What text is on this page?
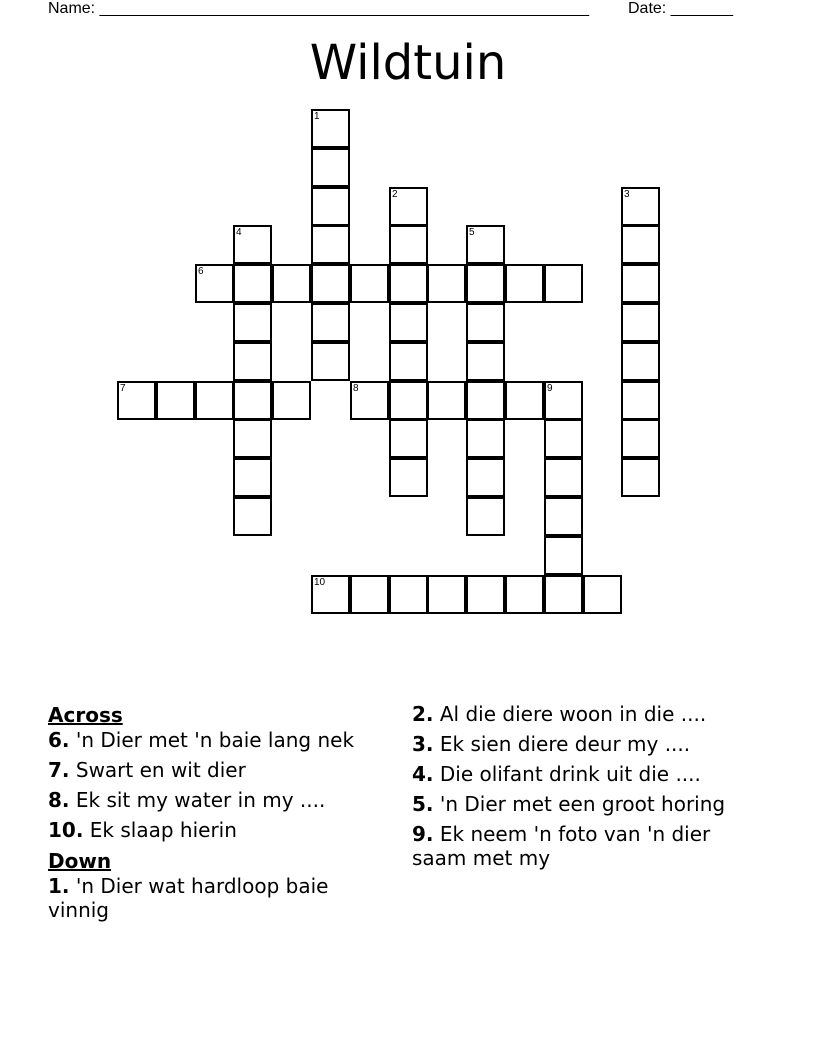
Name: _______________________________________________________ Date: _______
Wildtuin
1
2	3
4	5
6
7	8	9
10
Across
6. 'n Dier met 'n baie lang nek
7. Swart en wit dier
8. Ek sit my water in my ....
10. Ek slaap hierin
Down
1. 'n Dier wat hardloop baie vinnig
2. Al die diere woon in die ....
3. Ek sien diere deur my ....
4. Die olifant drink uit die ....
5. 'n Dier met een groot horing
9. Ek neem 'n foto van 'n dier saam met my
